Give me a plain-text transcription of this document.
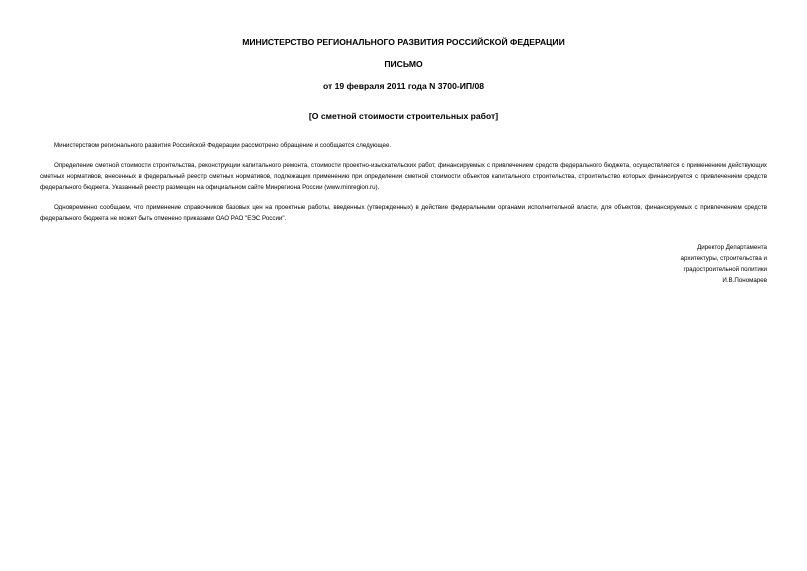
МИНИСТЕРСТВО РЕГИОНАЛЬНОГО РАЗВИТИЯ РОССИЙСКОЙ ФЕДЕРАЦИИ
ПИСЬМО
от 19 февраля 2011 года N 3700-ИП/08
[О сметной стоимости строительных работ]
Министерством регионального развития Российской Федерации рассмотрено обращение и сообщается следующее.
Определение сметной стоимости строительства, реконструкции капитального ремонта, стоимости проектно-изыскательских работ, финансируемых с привлечением средств федерального бюджета, осуществляется с применением действующих сметных нормативов, внесенных в федеральный реестр сметных нормативов, подлежащих применению при определении сметной стоимости объектов капитального строительства, строительство которых финансируется с привлечением средств федерального бюджета. Указанный реестр размещен на официальном сайте Минрегиона России (www.minregion.ru).
Одновременно сообщаем, что применение справочников базовых цен на проектные работы, введенных (утвержденных) в действие федеральными органами исполнительной власти, для объектов, финансируемых с привлечением средств федерального бюджета не может быть отменено приказами ОАО РАО "ЕЭС России".
Директор Департамента
архитектуры, строительства и
градостроительной политики
И.В.Пономарев
